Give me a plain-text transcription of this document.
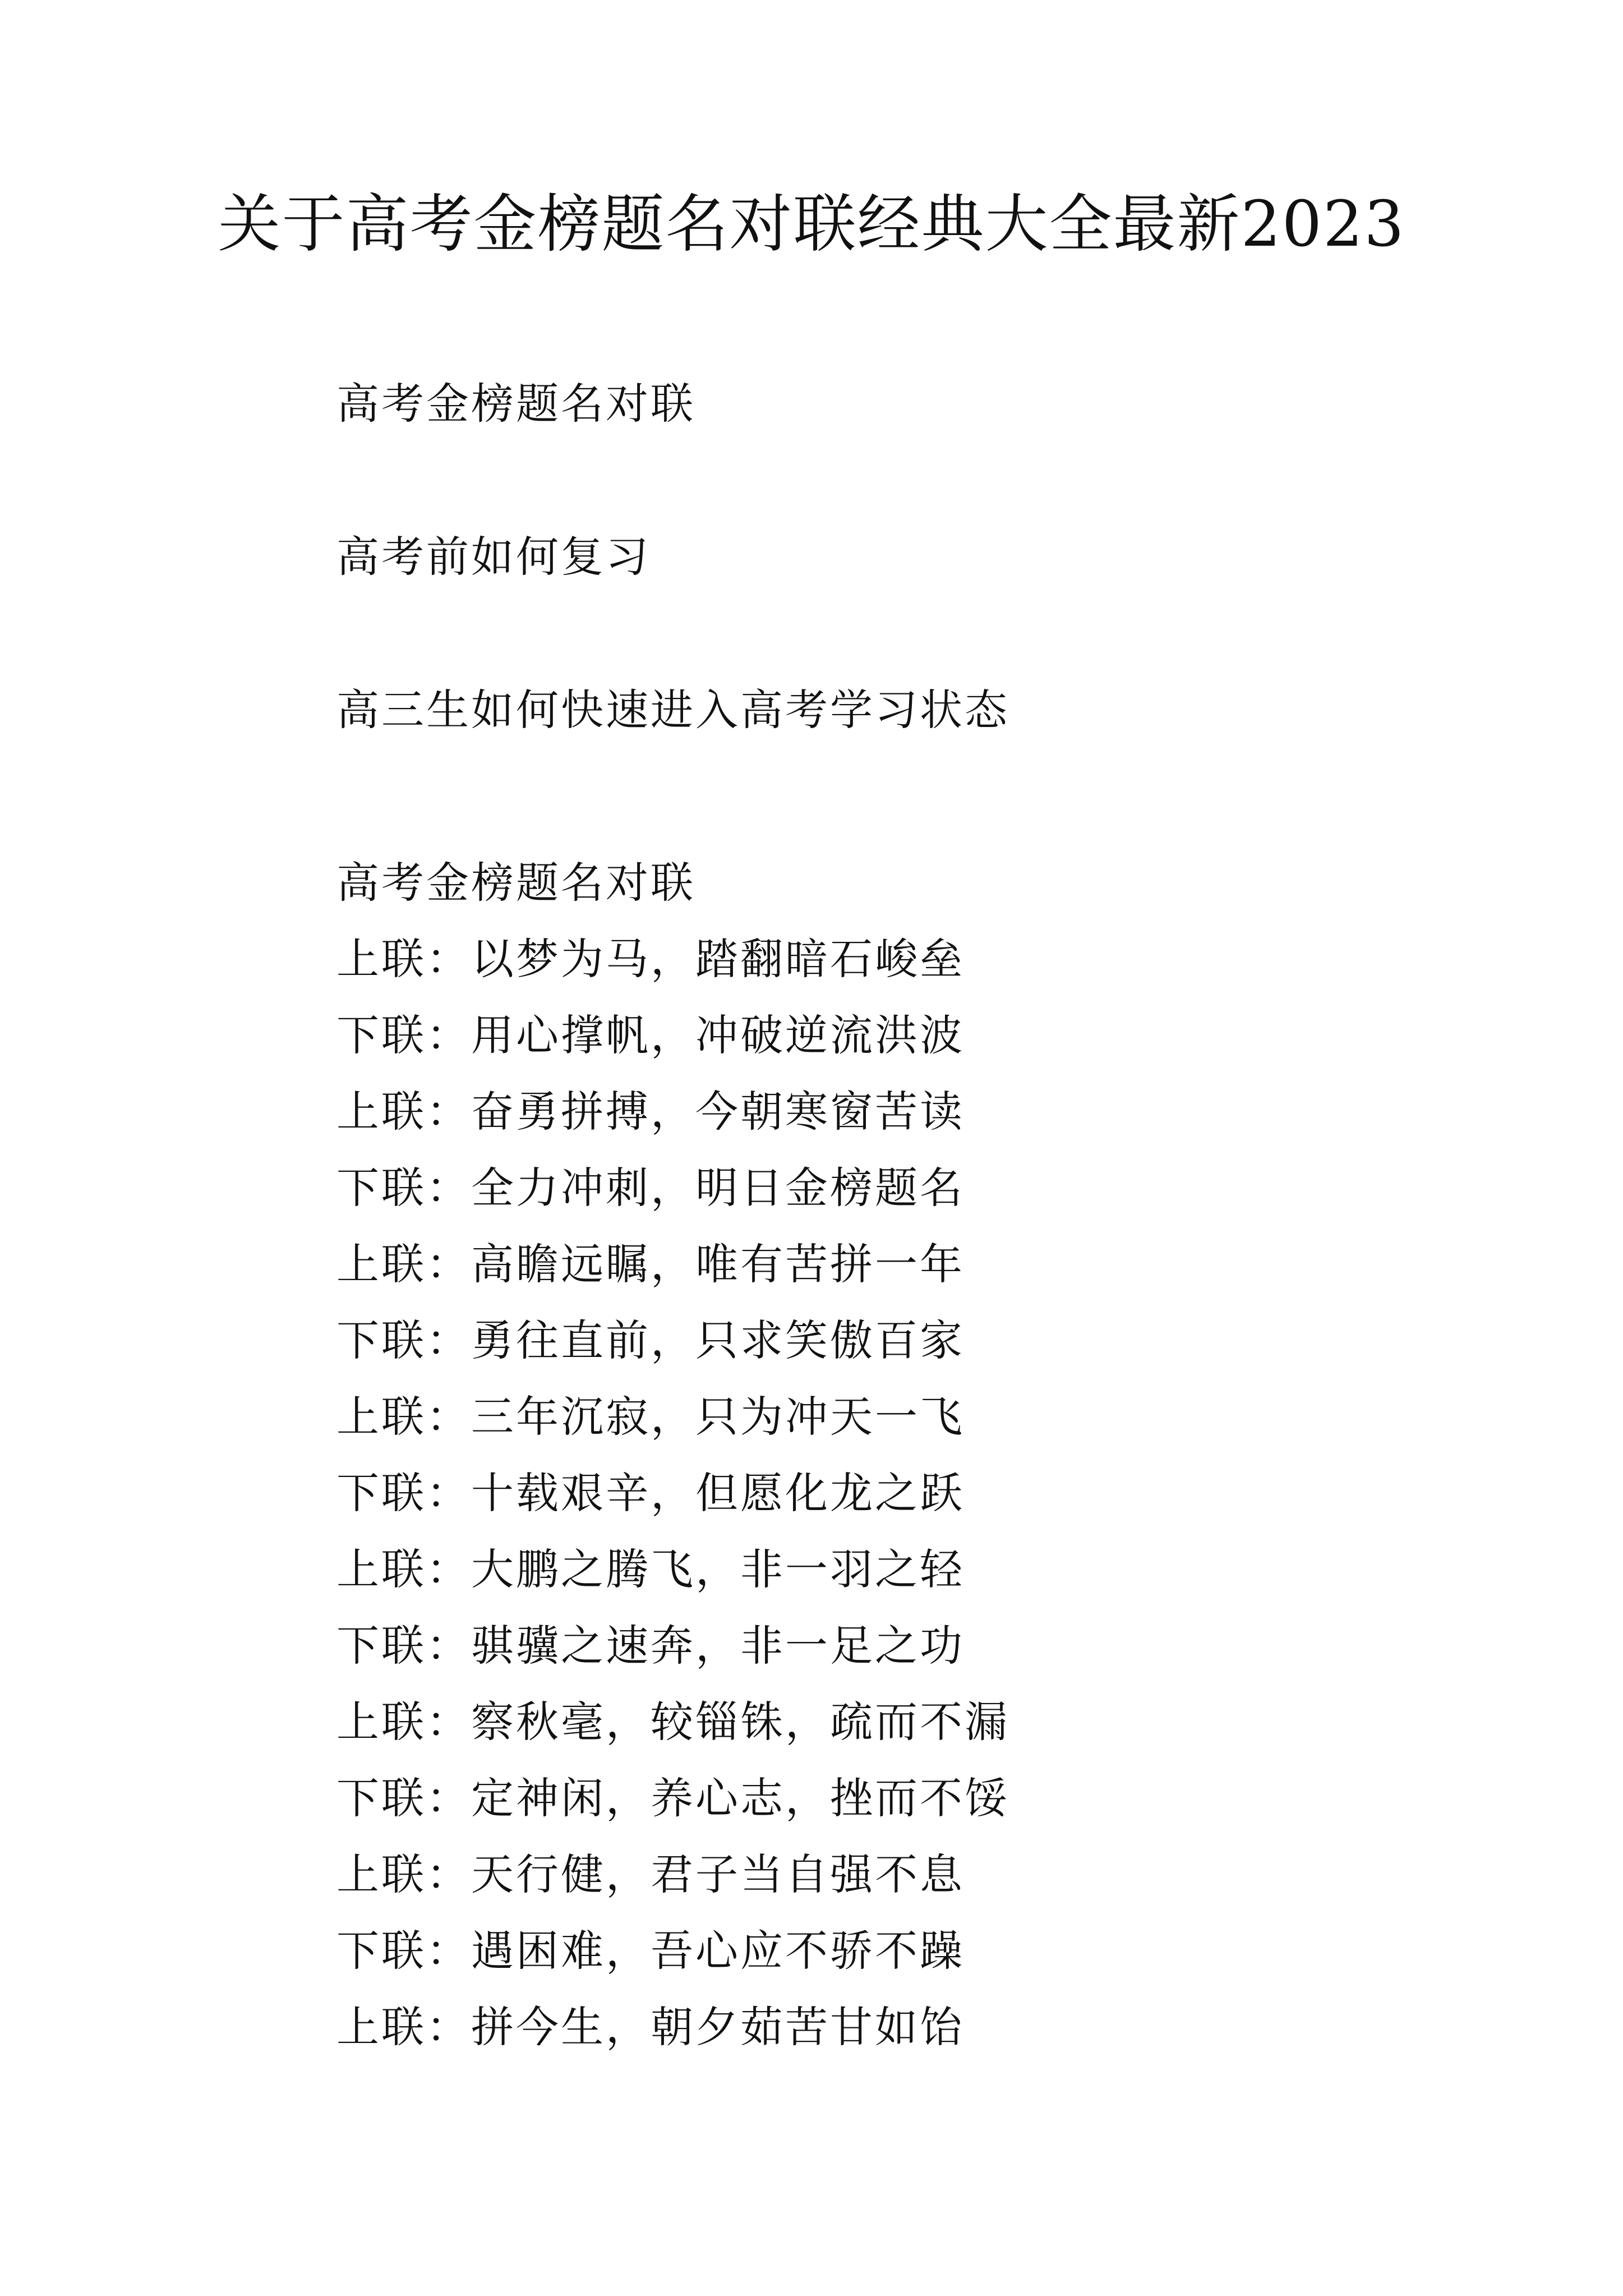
关于高考金榜题名对联经典大全最新2023
高考金榜题名对联
高考前如何复习
高三生如何快速进入高考学习状态
高考金榜题名对联
上联：以梦为马，踏翻暗石峻垒
下联：用心撑帆，冲破逆流洪波
上联：奋勇拼搏，今朝寒窗苦读
下联：全力冲刺，明日金榜题名
上联：高瞻远瞩，唯有苦拼一年
下联：勇往直前，只求笑傲百家
上联：三年沉寂，只为冲天一飞
下联：十载艰辛，但愿化龙之跃
上联：大鹏之腾飞，非一羽之轻
下联：骐骥之速奔，非一足之功
上联：察秋毫，较锱铢，疏而不漏
下联：定神闲，养心志，挫而不馁
上联：天行健，君子当自强不息
下联：遇困难，吾心应不骄不躁
上联：拼今生，朝夕茹苦甘如饴
